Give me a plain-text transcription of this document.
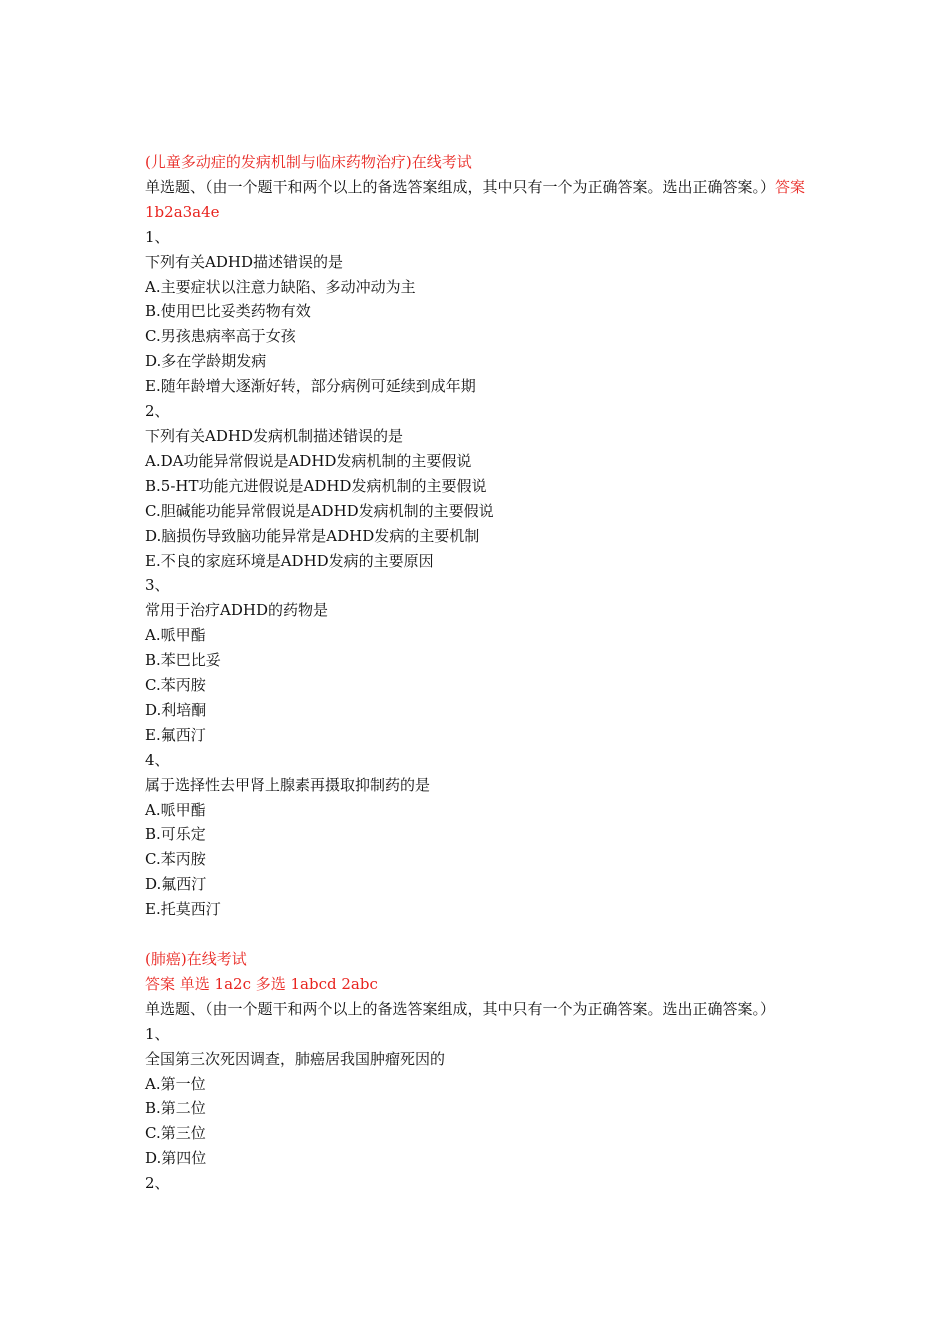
(儿童多动症的发病机制与临床药物治疗)在线考试
单选题、（由一个题干和两个以上的备选答案组成，其中只有一个为正确答案。选出正确答案。）答案 1b2a3a4e
1、
下列有关ADHD描述错误的是
A.主要症状以注意力缺陷、多动冲动为主
B.使用巴比妥类药物有效
C.男孩患病率高于女孩
D.多在学龄期发病
E.随年龄增大逐渐好转，部分病例可延续到成年期
2、
下列有关ADHD发病机制描述错误的是
A.DA功能异常假说是ADHD发病机制的主要假说
B.5-HT功能亢进假说是ADHD发病机制的主要假说
C.胆碱能功能异常假说是ADHD发病机制的主要假说
D.脑损伤导致脑功能异常是ADHD发病的主要机制
E.不良的家庭环境是ADHD发病的主要原因
3、
常用于治疗ADHD的药物是
A.哌甲酯
B.苯巴比妥
C.苯丙胺
D.利培酮
E.氟西汀
4、
属于选择性去甲肾上腺素再摄取抑制药的是
A.哌甲酯
B.可乐定
C.苯丙胺
D.氟西汀
E.托莫西汀
(肺癌)在线考试
答案 单选 1a2c 多选 1abcd 2abc
单选题、（由一个题干和两个以上的备选答案组成，其中只有一个为正确答案。选出正确答案。）
1、
全国第三次死因调查，肺癌居我国肿瘤死因的
A.第一位
B.第二位
C.第三位
D.第四位
2、
